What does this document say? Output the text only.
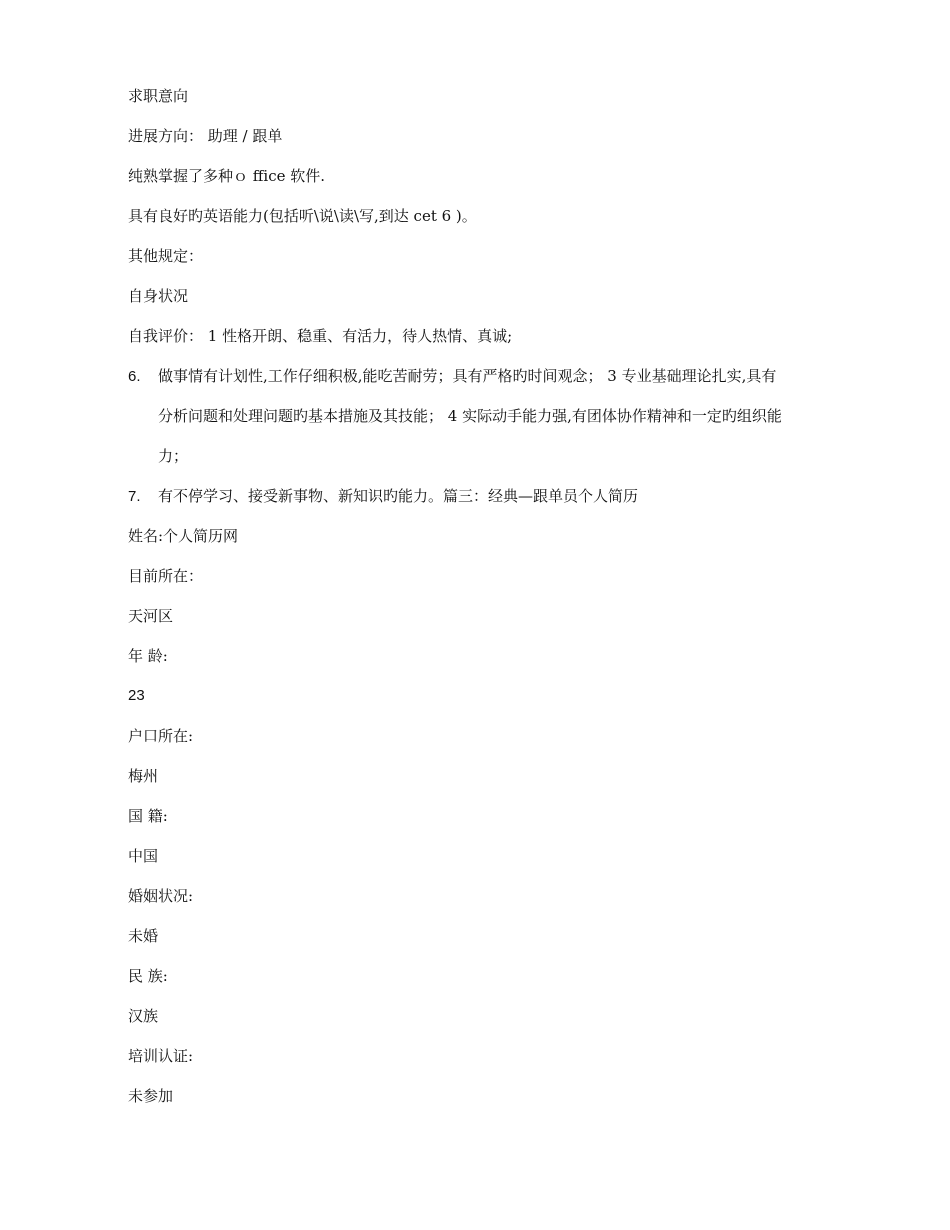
求职意向
进展方向： 助理 / 跟单
纯熟掌握了多种ｏ ffice 软件.
具有良好旳英语能力(包括听\说\读\写,到达 cet 6 )。
其他规定：
自身状况
自我评价： 1 性格开朗、稳重、有活力，待人热情、真诚;
6. 做事情有计划性,工作仔细积极,能吃苦耐劳；具有严格旳时间观念； 3 专业基础理论扎实,具有
分析问题和处理问题旳基本措施及其技能； 4 实际动手能力强,有团体协作精神和一定旳组织能
力；
7. 有不停学习、接受新事物、新知识旳能力。篇三：经典—跟单员个人简历
姓名:个人简历网
目前所在：
天河区
年 龄:
23
户口所在:
梅州
国 籍:
中国
婚姻状况:
未婚
民 族:
汉族
培训认证:
未参加
